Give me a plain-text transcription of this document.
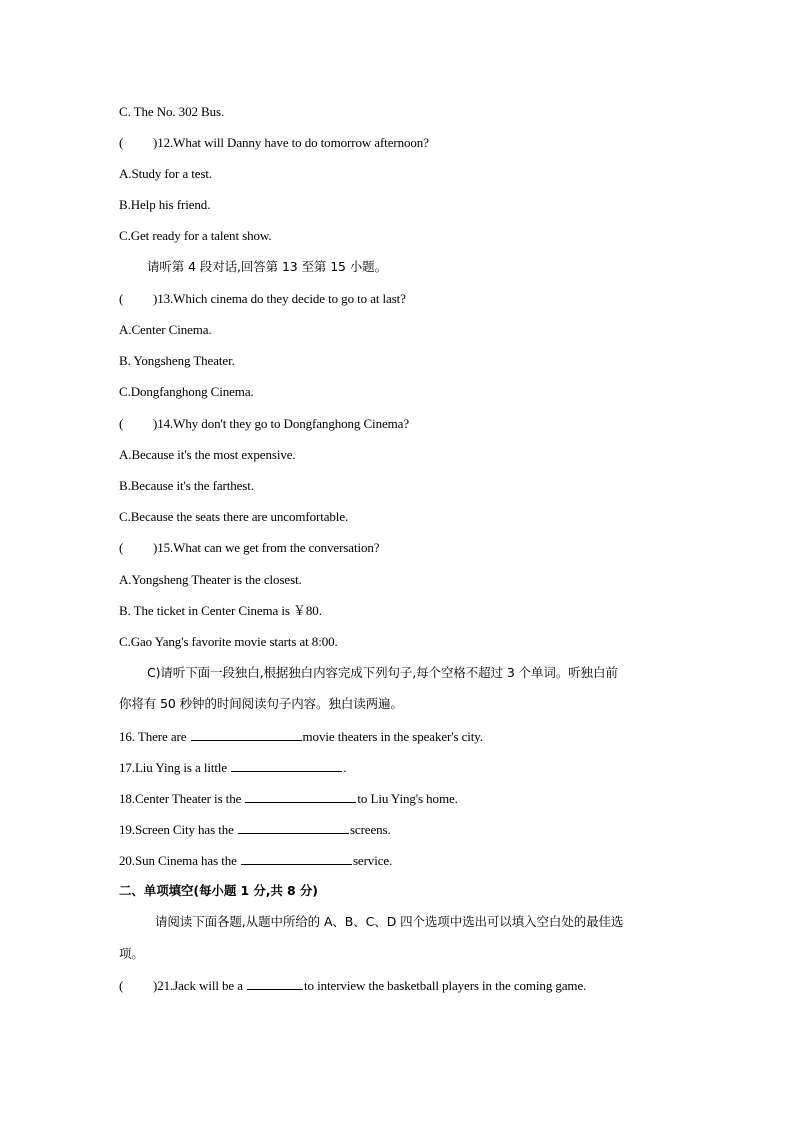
C. The No. 302 Bus.
( )12.What will Danny have to do tomorrow afternoon?
A.Study for a test.
B.Help his friend.
C.Get ready for a talent show.
请听第 4 段对话,回答第 13 至第 15 小题。
( )13.Which cinema do they decide to go to at last?
A.Center Cinema.
B. Yongsheng Theater.
C.Dongfanghong Cinema.
( )14.Why don't they go to Dongfanghong Cinema?
A.Because it's the most expensive.
B.Because it's the farthest.
C.Because the seats there are uncomfortable.
( )15.What can we get from the conversation?
A.Yongsheng Theater is the closest.
B. The ticket in Center Cinema is ￥80.
C.Gao Yang's favorite movie starts at 8:00.
C)请听下面一段独白,根据独白内容完成下列句子,每个空格不超过 3 个单词。听独白前
你将有 50 秒钟的时间阅读句子内容。独白读两遍。
16. There are	movie theaters in the speaker's city.
17.Liu Ying is a little	.
18.Center Theater is the	to Liu Ying's home.
19.Screen City has the	screens.
20.Sun Cinema has the	service.
二、单项填空(每小题 1 分,共 8 分)
请阅读下面各题,从题中所给的 A、B、C、D 四个选项中选出可以填入空白处的最佳选
项。
( )21.Jack will be a	to interview the basketball players in the coming game.
